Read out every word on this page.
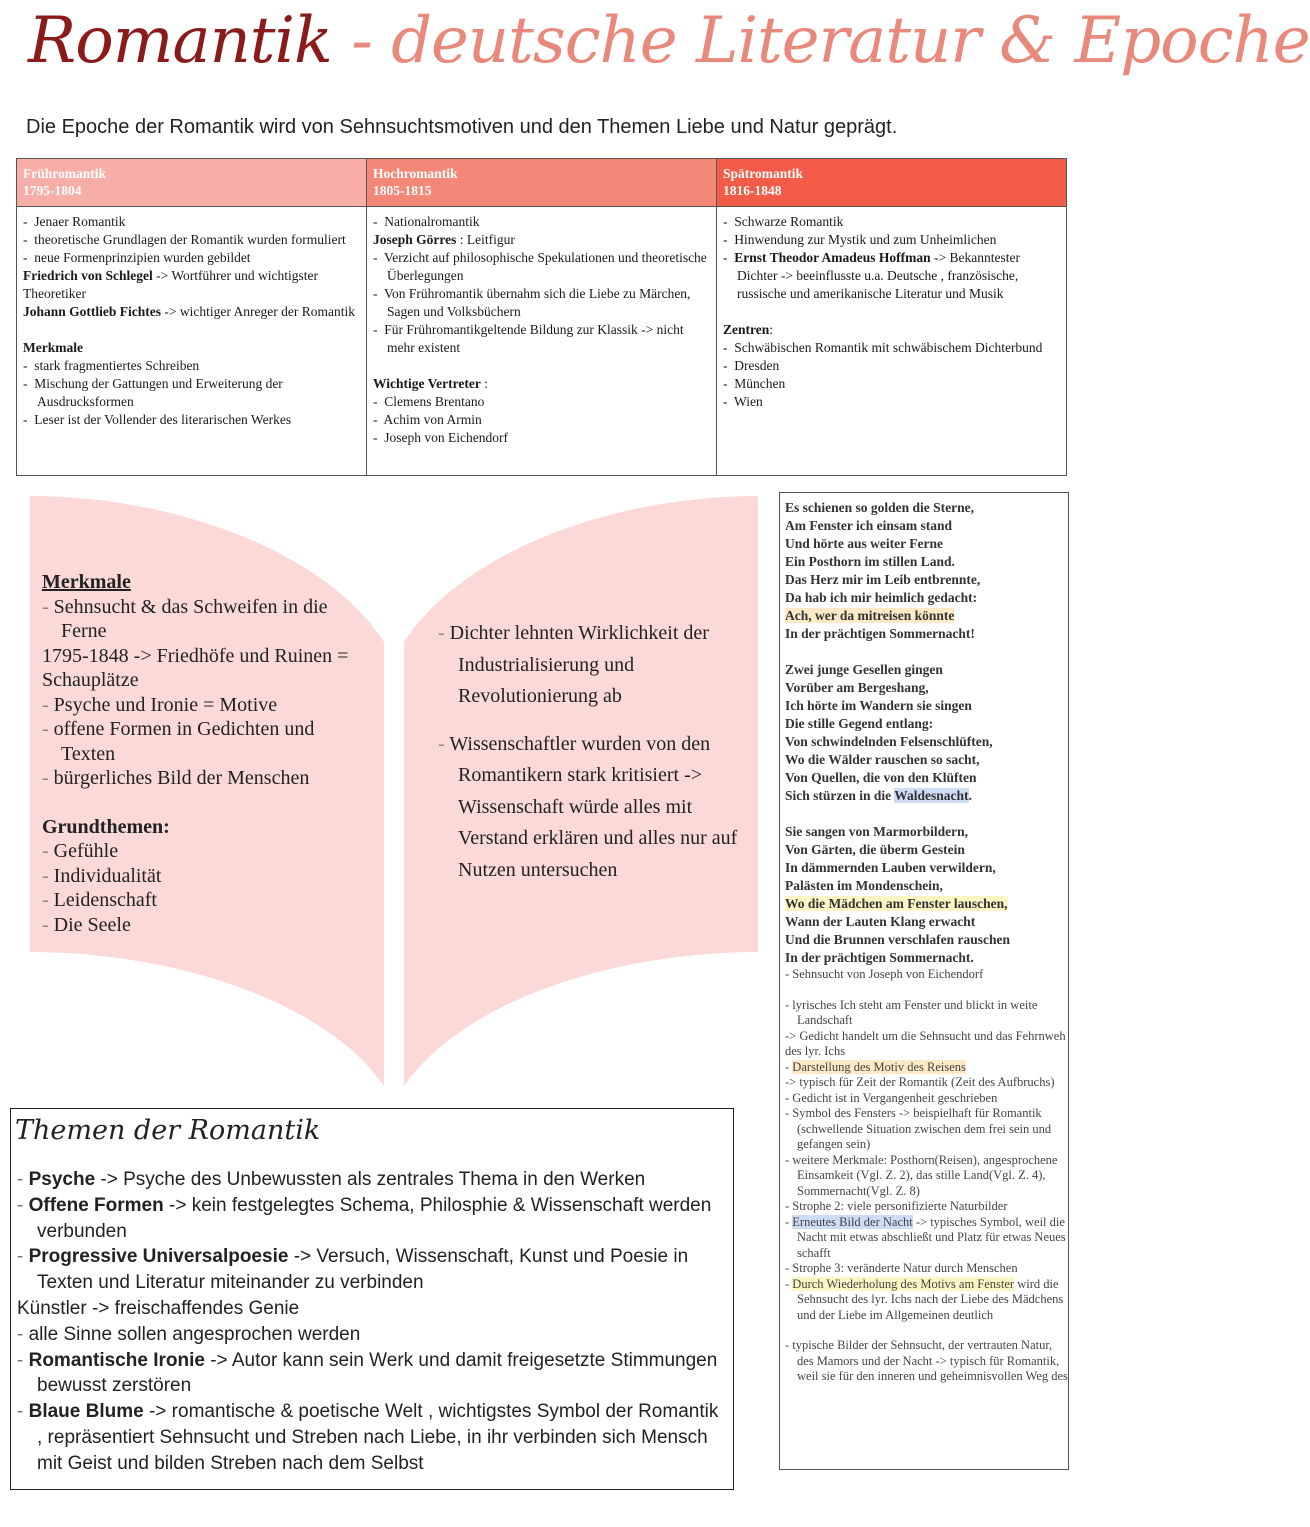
Romantik - deutsche Literatur & Epoche
Die Epoche der Romantik wird von Sehnsuchtsmotiven und den Themen Liebe und Natur geprägt.
Frühromantik
1795-1804
-  Jenaer Romantik
-  theoretische Grundlagen der Romantik wurden formuliert
-  neue Formenprinzipien wurden gebildet
Friedrich von Schlegel -> Wortführer und wichtigster Theoretiker
Johann Gottlieb Fichtes -> wichtiger Anreger der Romantik
Merkmale
-  stark fragmentiertes Schreiben
-  Mischung der Gattungen und Erweiterung der Ausdrucksformen
-  Leser ist der Vollender des literarischen Werkes
Hochromantik
1805-1815
-  Nationalromantik
Joseph Görres : Leitfigur
-  Verzicht auf philosophische Spekulationen und theoretische Überlegungen
-  Von Frühromantik übernahm sich die Liebe zu Märchen, Sagen und Volksbüchern
-  Für Frühromantikgeltende Bildung zur Klassik -> nicht mehr existent
Wichtige Vertreter :
-  Clemens Brentano
-  Achim von Armin
-  Joseph von Eichendorf
Spätromantik
1816-1848
-  Schwarze Romantik
-  Hinwendung zur Mystik und zum Unheimlichen
-  Ernst Theodor Amadeus Hoffman -> Bekanntester Dichter -> beeinflusste u.a. Deutsche , französische, russische und amerikanische Literatur und Musik
Zentren:
-  Schwäbischen Romantik mit schwäbischem Dichterbund
-  Dresden
-  München
-  Wien
Merkmale
- Sehnsucht & das Schweifen in die Ferne
1795-1848 -> Friedhöfe und Ruinen = Schauplätze
- Psyche und Ironie = Motive
- offene Formen in Gedichten und Texten
- bürgerliches Bild der Menschen
Grundthemen:
- Gefühle
- Individualität
- Leidenschaft
- Die Seele
- Dichter lehnten Wirklichkeit der Industrialisierung und Revolutionierung ab
- Wissenschaftler wurden von den Romantikern stark kritisiert -> Wissenschaft würde alles mit Verstand erklären und alles nur auf Nutzen untersuchen
Themen der Romantik
- Psyche -> Psyche des Unbewussten als zentrales Thema in den Werken
- Offene Formen -> kein festgelegtes Schema, Philosphie & Wissenschaft werden verbunden
- Progressive Universalpoesie -> Versuch, Wissenschaft, Kunst und Poesie in Texten und Literatur miteinander zu verbinden
Künstler -> freischaffendes Genie
- alle Sinne sollen angesprochen werden
- Romantische Ironie -> Autor kann sein Werk und damit freigesetzte Stimmungen bewusst zerstören
- Blaue Blume -> romantische & poetische Welt , wichtigstes Symbol der Romantik , repräsentiert Sehnsucht und Streben nach Liebe, in ihr verbinden sich Mensch mit Geist und bilden Streben nach dem Selbst
Es schienen so golden die Sterne,
Am Fenster ich einsam stand
Und hörte aus weiter Ferne
Ein Posthorn im stillen Land.
Das Herz mir im Leib entbrennte,
Da hab ich mir heimlich gedacht:
Ach, wer da mitreisen könnte
In der prächtigen Sommernacht!
Zwei junge Gesellen gingen
Vorüber am Bergeshang,
Ich hörte im Wandern sie singen
Die stille Gegend entlang:
Von schwindelnden Felsenschlüften,
Wo die Wälder rauschen so sacht,
Von Quellen, die von den Klüften
Sich stürzen in die Waldesnacht.
Sie sangen von Marmorbildern,
Von Gärten, die überm Gestein
In dämmernden Lauben verwildern,
Palästen im Mondenschein,
Wo die Mädchen am Fenster lauschen,
Wann der Lauten Klang erwacht
Und die Brunnen verschlafen rauschen
In der prächtigen Sommernacht.
- Sehnsucht von Joseph von Eichendorf
- lyrisches Ich steht am Fenster und blickt in weite Landschaft
-> Gedicht handelt um die Sehnsucht und das Fehrnweh des lyr. Ichs
- Darstellung des Motiv des Reisens
-> typisch für Zeit der Romantik (Zeit des Aufbruchs)
- Gedicht ist in Vergangenheit geschrieben
- Symbol des Fensters -> beispielhaft für Romantik (schwellende Situation zwischen dem frei sein und gefangen sein)
- weitere Merkmale: Posthorn(Reisen), angesprochene Einsamkeit (Vgl. Z. 2), das stille Land(Vgl. Z. 4), Sommernacht(Vgl. Z. 8)
- Strophe 2: viele personifizierte Naturbilder
- Erneutes Bild der Nacht -> typisches Symbol, weil die Nacht mit etwas abschließt und Platz für etwas Neues schafft
- Strophe 3: veränderte Natur durch Menschen
- Durch Wiederholung des Motivs am Fenster wird die Sehnsucht des lyr. Ichs nach der Liebe des Mädchens und der Liebe im Allgemeinen deutlich
- typische Bilder der Sehnsucht, der vertrauten Natur, des Mamors und der Nacht -> typisch für Romantik, weil sie für den inneren und geheimnisvollen Weg des
